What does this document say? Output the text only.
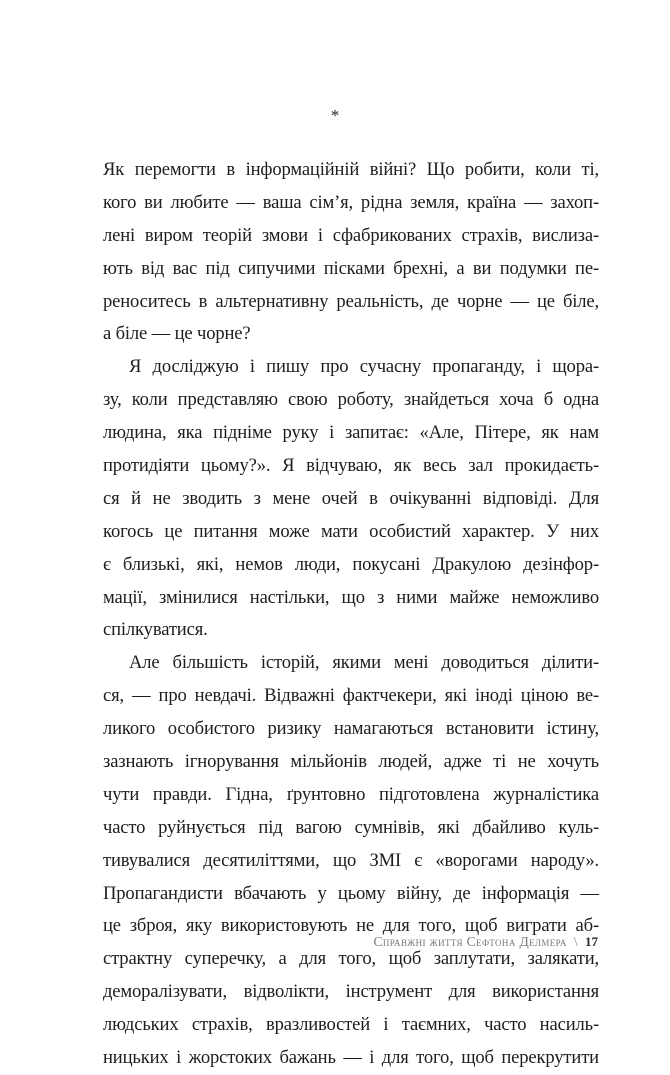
*
Як перемогти в інформаційній війні? Що робити, коли ті,
кого ви любите — ваша сім’я, рідна земля, країна — захоп-
лені виром теорій змови і сфабрикованих страхів, вислиза-
ють від вас під сипучими пісками брехні, а ви подумки пе-
реноситесь в альтернативну реальність, де чорне — це біле,
а біле — це чорне?
Я досліджую і пишу про сучасну пропаганду, і щора-
зу, коли представляю свою роботу, знайдеться хоча б одна
людина, яка підніме руку і запитає: «Але, Пітере, як нам
протидіяти цьому?». Я відчуваю, як весь зал прокидаєть-
ся й не зводить з мене очей в очікуванні відповіді. Для
когось це питання може мати особистий характер. У них
є близькі, які, немов люди, покусані Дракулою дезінфор-
мації, змінилися настільки, що з ними майже неможливо
спілкуватися.
Але більшість історій, якими мені доводиться ділити-
ся, — про невдачі. Відважні фактчекери, які іноді ціною ве-
ликого особистого ризику намагаються встановити істину,
зазнають ігнорування мільйонів людей, адже ті не хочуть
чути правди. Гідна, ґрунтовно підготовлена журналістика
часто руйнується під вагою сумнівів, які дбайливо куль-
тивувалися десятиліттями, що ЗМІ є «ворогами народу».
Пропагандисти вбачають у цьому війну, де інформація —
це зброя, яку використовують не для того, щоб виграти аб-
страктну суперечку, а для того, щоб заплутати, залякати,
деморалізувати, відволікти, інструмент для використання
людських страхів, вразливостей і таємних, часто насиль-
ницьких і жорстоких бажань — і для того, щоб перекрутити
Справжні життя Сефтона Делмера \ 17
